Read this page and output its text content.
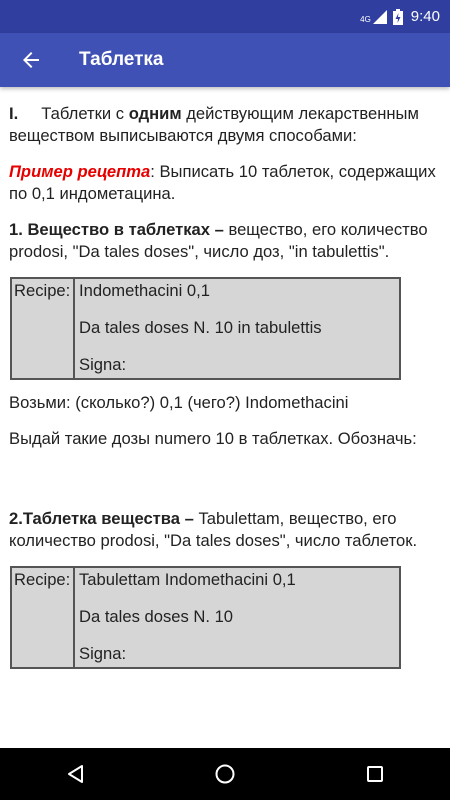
4G	9:40
Таблетка

I. Таблетки с одним действующим лекарственным веществом выписываются двумя способами:

Пример рецепта: Выписать 10 таблеток, содержащих по 0,1 индометацина.

1. Вещество в таблетках – вещество, его количество prodosi, "Da tales doses", число доз, "in tabulettis".

Recipe:	Indomethacini 0,1
Da tales doses N. 10 in tabulettis
Signa:

Возьми: (сколько?) 0,1 (чего?) Indomethacini

Выдай такие дозы numero 10 в таблетках. Обозначь:

2.Таблетка вещества – Tabulettam, вещество, его количество prodosi, "Da tales doses", число таблеток.

Recipe:	Tabulettam Indomethacini 0,1
Da tales doses N. 10
Signa:
